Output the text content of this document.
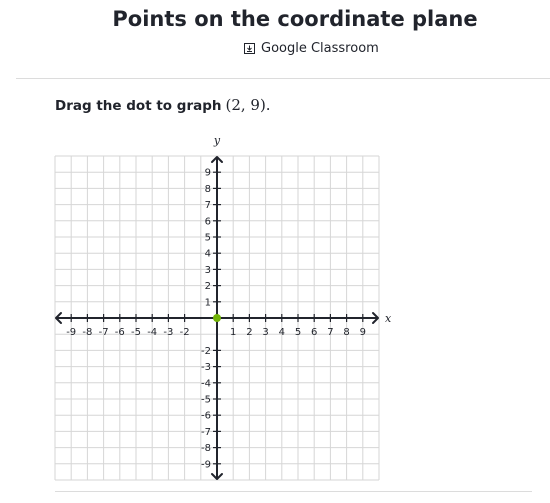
Points on the coordinate plane
Google Classroom
Drag the dot to graph (2, 9).
-9 -8 -7 -6 -5 -4 -3 -2	1 2 3 4 5 6 7 8 9
9
8
7
6
5
4
3
2
1
-2
-3
-4
-5
-6
-7
-8
-9
x
y
